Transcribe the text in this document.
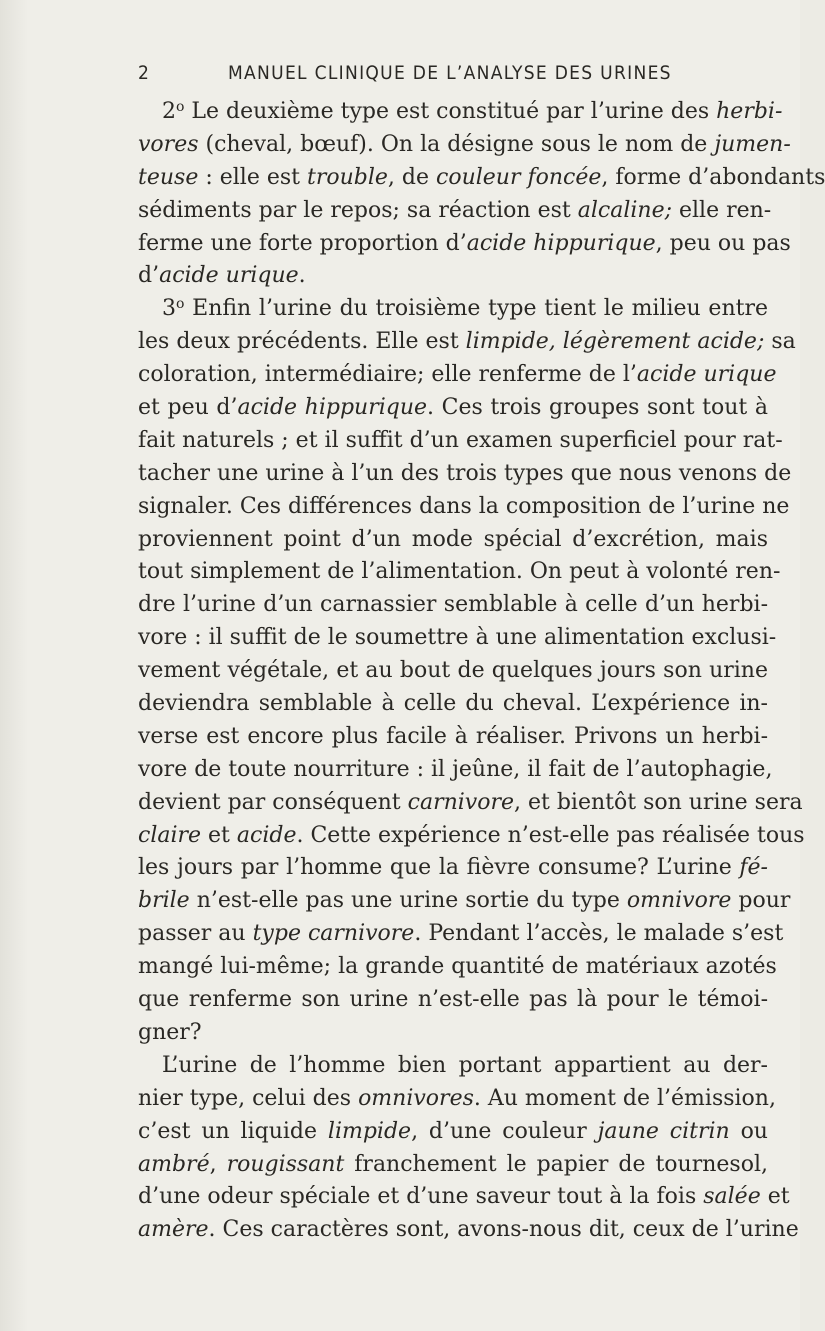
2	MANUEL CLINIQUE DE L’ANALYSE DES URINES
2$^o$ Le deuxième type est constitué par l’urine des herbi-
vores (cheval, bœuf). On la désigne sous le nom de jumen-
teuse : elle est trouble, de couleur foncée, forme d’abondants
sédiments par le repos; sa réaction est alcaline; elle ren-
ferme une forte proportion d’acide hippurique, peu ou pas
d’acide urique.
3$^o$ Enfin l’urine du troisième type tient le milieu entre
les deux précédents. Elle est limpide, légèrement acide; sa
coloration, intermédiaire; elle renferme de l’acide urique
et peu d’acide hippurique. Ces trois groupes sont tout à
fait naturels ; et il suffit d’un examen superficiel pour rat-
tacher une urine à l’un des trois types que nous venons de
signaler. Ces différences dans la composition de l’urine ne
proviennent point d’un mode spécial d’excrétion, mais
tout simplement de l’alimentation. On peut à volonté ren-
dre l’urine d’un carnassier semblable à celle d’un herbi-
vore : il suffit de le soumettre à une alimentation exclusi-
vement végétale, et au bout de quelques jours son urine
deviendra semblable à celle du cheval. L’expérience in-
verse est encore plus facile à réaliser. Privons un herbi-
vore de toute nourriture : il jeûne, il fait de l’autophagie,
devient par conséquent carnivore, et bientôt son urine sera
claire et acide. Cette expérience n’est-elle pas réalisée tous
les jours par l’homme que la fièvre consume? L’urine fé-
brile n’est-elle pas une urine sortie du type omnivore pour
passer au type carnivore. Pendant l’accès, le malade s’est
mangé lui-même; la grande quantité de matériaux azotés
que renferme son urine n’est-elle pas là pour le témoi-
gner?
L’urine de l’homme bien portant appartient au der-
nier type, celui des omnivores. Au moment de l’émission,
c’est un liquide limpide, d’une couleur jaune citrin ou
ambré, rougissant franchement le papier de tournesol,
d’une odeur spéciale et d’une saveur tout à la fois salée et
amère. Ces caractères sont, avons-nous dit, ceux de l’urine
